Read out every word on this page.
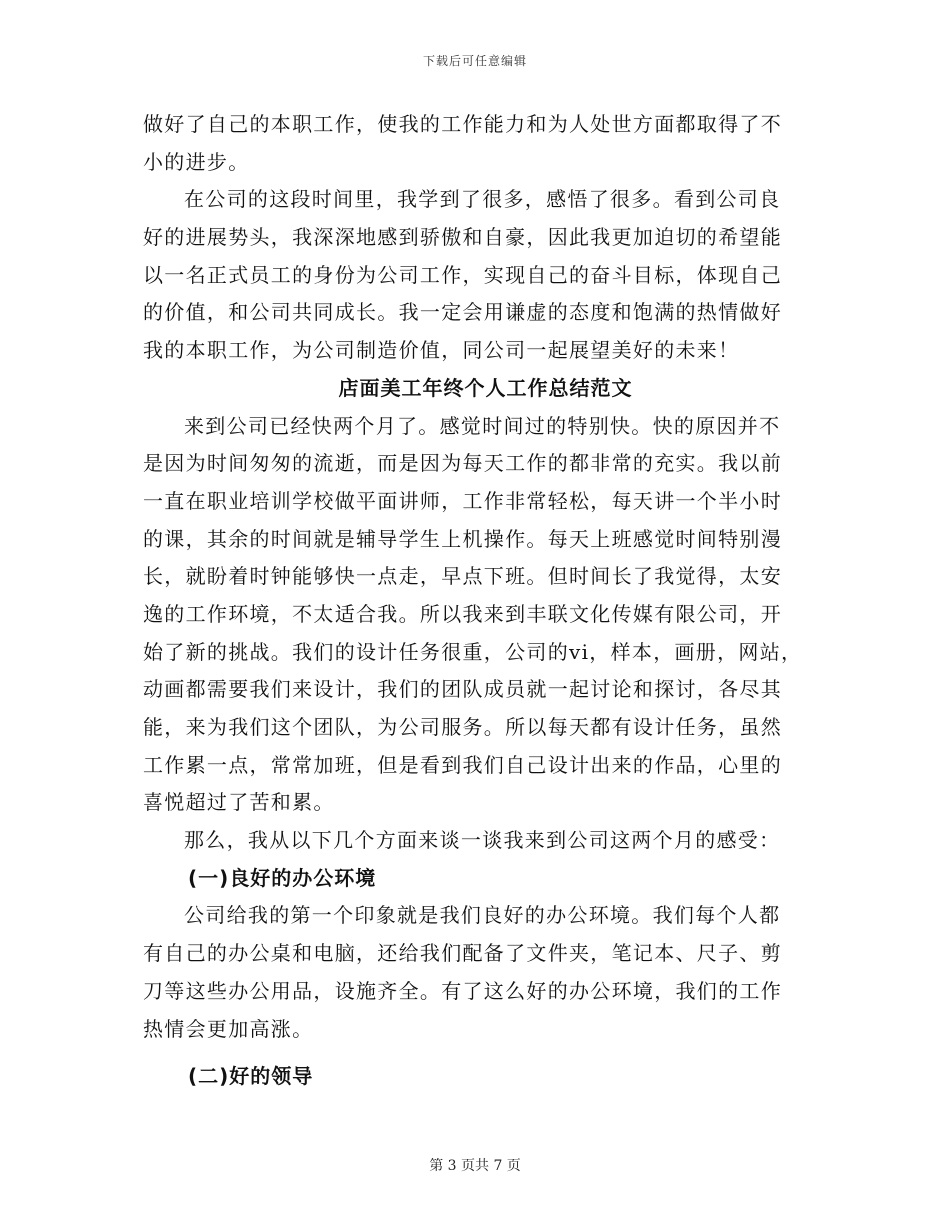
下载后可任意编辑
做好了自己的本职工作，使我的工作能力和为人处世方面都取得了不
小的进步。
在公司的这段时间里，我学到了很多，感悟了很多。看到公司良
好的进展势头，我深深地感到骄傲和自豪，因此我更加迫切的希望能
以一名正式员工的身份为公司工作，实现自己的奋斗目标，体现自己
的价值，和公司共同成长。我一定会用谦虚的态度和饱满的热情做好
我的本职工作，为公司制造价值，同公司一起展望美好的未来！
店面美工年终个人工作总结范文
来到公司已经快两个月了。感觉时间过的特别快。快的原因并不
是因为时间匆匆的流逝，而是因为每天工作的都非常的充实。我以前
一直在职业培训学校做平面讲师，工作非常轻松，每天讲一个半小时
的课，其余的时间就是辅导学生上机操作。每天上班感觉时间特别漫
长，就盼着时钟能够快一点走，早点下班。但时间长了我觉得，太安
逸的工作环境，不太适合我。所以我来到丰联文化传媒有限公司，开
始了新的挑战。我们的设计任务很重，公司的vi，样本，画册，网站，
动画都需要我们来设计，我们的团队成员就一起讨论和探讨，各尽其
能，来为我们这个团队，为公司服务。所以每天都有设计任务，虽然
工作累一点，常常加班，但是看到我们自己设计出来的作品，心里的
喜悦超过了苦和累。
那么，我从以下几个方面来谈一谈我来到公司这两个月的感受：
(一)良好的办公环境
公司给我的第一个印象就是我们良好的办公环境。我们每个人都
有自己的办公桌和电脑，还给我们配备了文件夹，笔记本、尺子、剪
刀等这些办公用品，设施齐全。有了这么好的办公环境，我们的工作
热情会更加高涨。
(二)好的领导
第 3 页共 7 页
